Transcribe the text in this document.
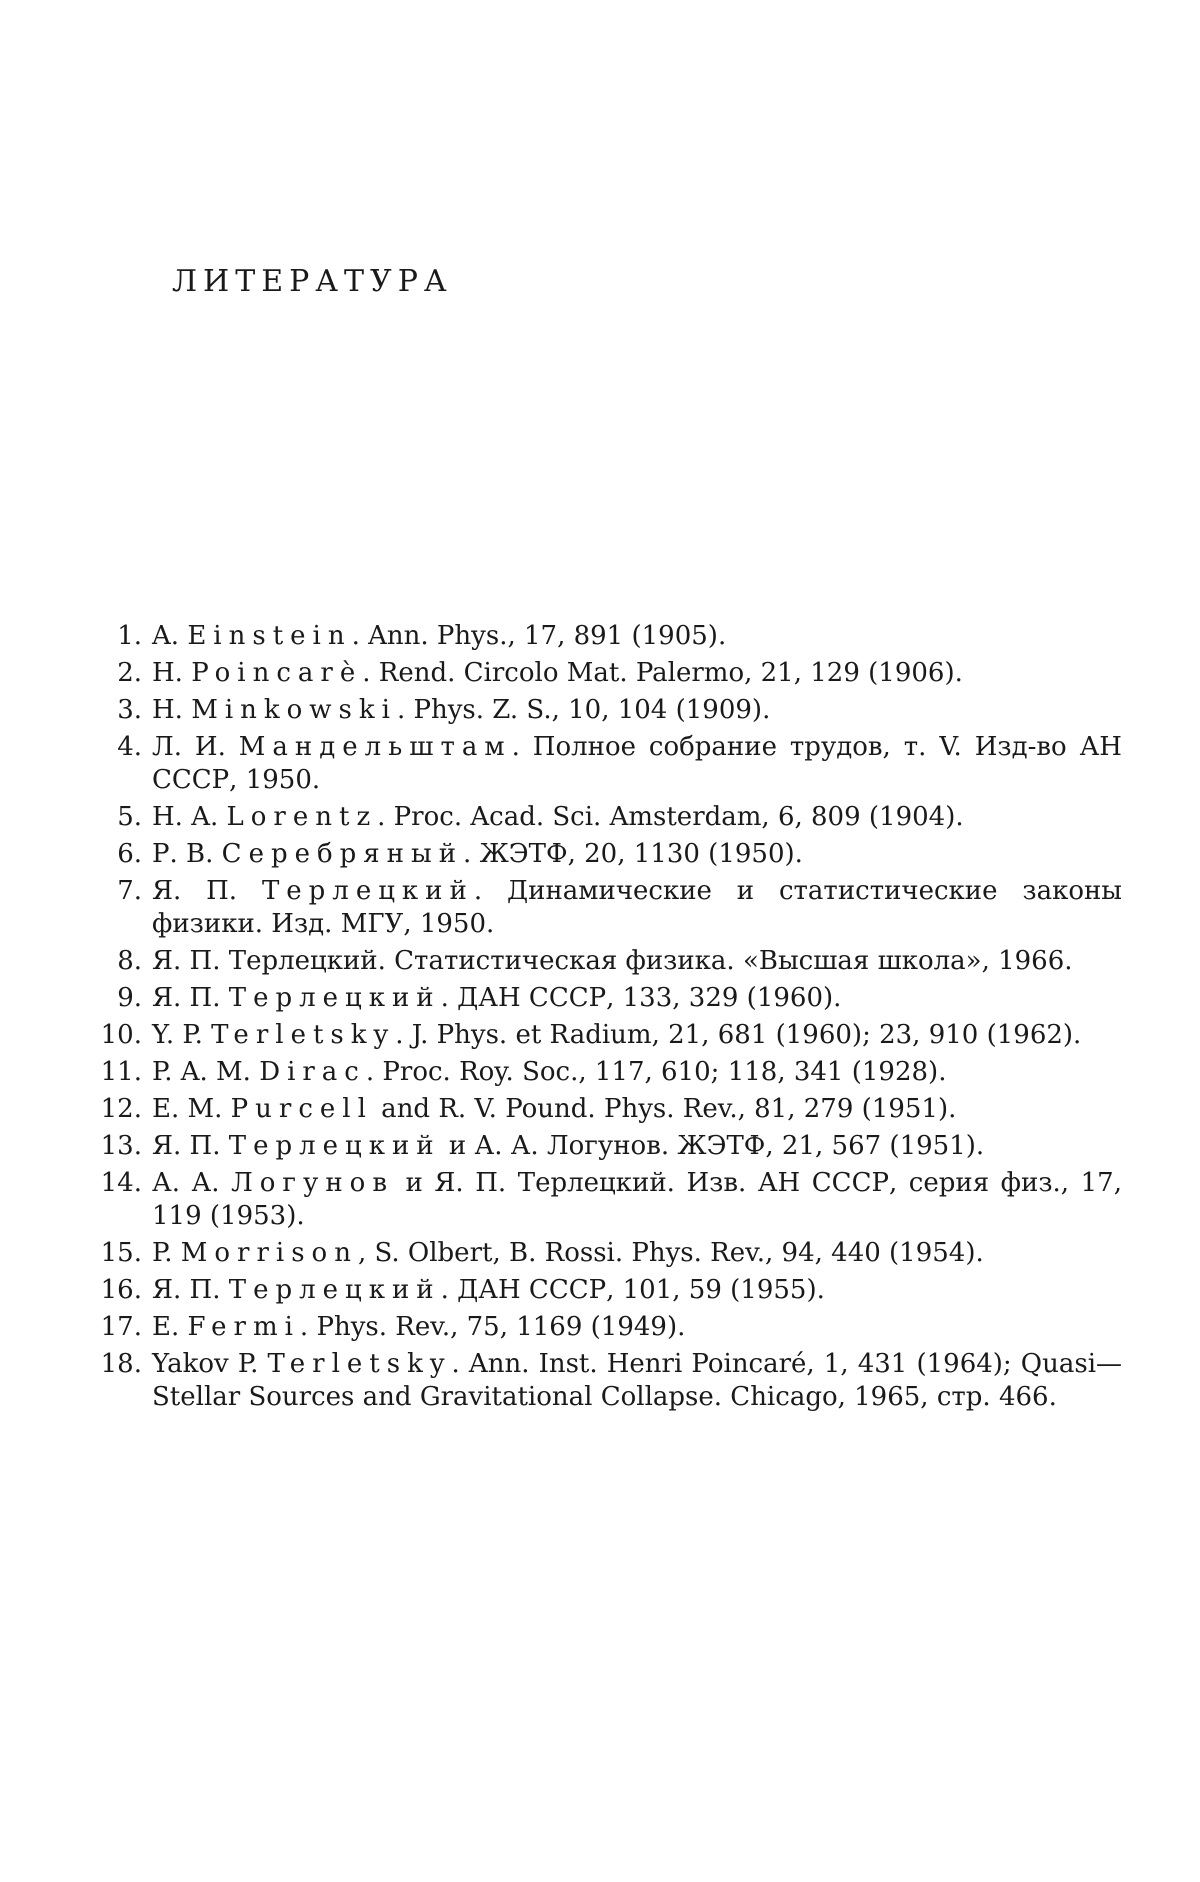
ЛИТЕРАТУРА
1. A. Einstein. Ann. Phys., 17, 891 (1905).
2. H. Poincarè. Rend. Circolo Mat. Palermo, 21, 129 (1906).
3. H. Minkowski. Phys. Z. S., 10, 104 (1909).
4. Л. И. Мандельштам. Полное собрание трудов, т. V. Изд-во АН СССР, 1950.
5. H. A. Lorentz. Proc. Acad. Sci. Amsterdam, 6, 809 (1904).
6. Р. В. Серебряный. ЖЭТФ, 20, 1130 (1950).
7. Я. П. Терлецкий. Динамические и статистические законы физики. Изд. МГУ, 1950.
8. Я. П. Терлецкий. Статистическая физика. «Высшая школа», 1966.
9. Я. П. Терлецкий. ДАН СССР, 133, 329 (1960).
10. Y. P. Terletsky. J. Phys. et Radium, 21, 681 (1960); 23, 910 (1962).
11. P. A. M. Dirac. Proc. Roy. Soc., 117, 610; 118, 341 (1928).
12. E. M. Purcell and R. V. Pound. Phys. Rev., 81, 279 (1951).
13. Я. П. Терлецкий и А. А. Логунов. ЖЭТФ, 21, 567 (1951).
14. А. А. Логунов и Я. П. Терлецкий. Изв. АН СССР, серия физ., 17, 119 (1953).
15. P. Morrison, S. Olbert, B. Rossi. Phys. Rev., 94, 440 (1954).
16. Я. П. Терлецкий. ДАН СССР, 101, 59 (1955).
17. E. Fermi. Phys. Rev., 75, 1169 (1949).
18. Yakov P. Terletsky. Ann. Inst. Henri Poincaré, 1, 431 (1964); Quasi—Stellar Sources and Gravitational Collapse. Chicago, 1965, стр. 466.
